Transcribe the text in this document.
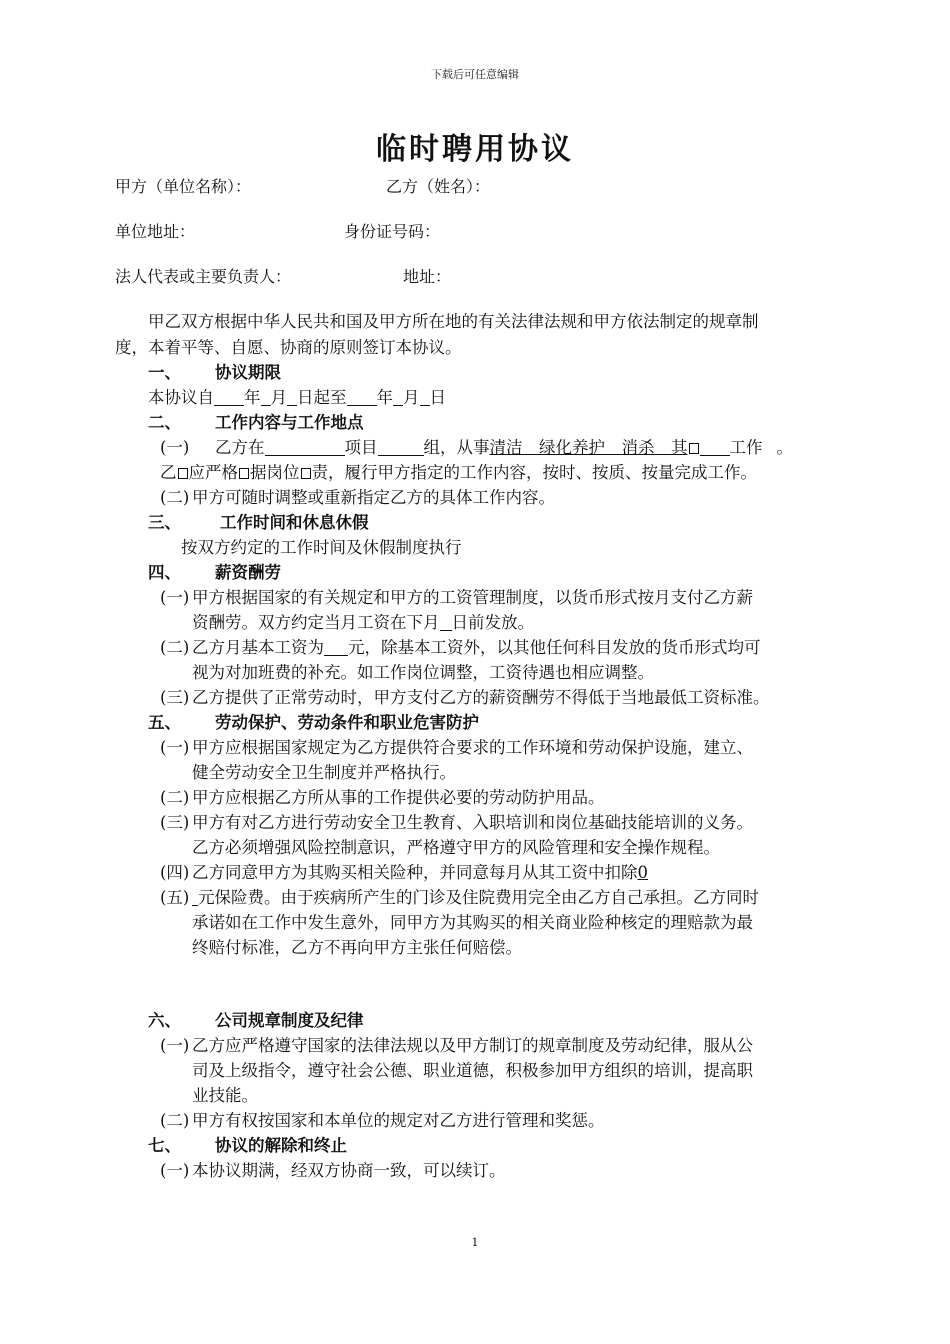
下载后可任意编辑
临时聘用协议
甲方（单位名称）：	乙方（姓名）：
单位地址：	身份证号码：
法人代表或主要负责人：	地址：
甲乙双方根据中华人民共和国及甲方所在地的有关法律法规和甲方依法制定的规章制
度，本着平等、自愿、协商的原则签订本协议。
一、 协议期限
本协议自 年 月 日起至 年 月 日
二、 工作内容与工作地点
(一) 乙方在	项目	组，从事清洁　绿化养护　消杀　其	工作 。
乙 应严格 据岗位 责，履行甲方指定的工作内容，按时、按质、按量完成工作。
(二) 甲方可随时调整或重新指定乙方的具体工作内容。
三、 工作时间和休息休假
按双方约定的工作时间及休假制度执行
四、 薪资酬劳
(一) 甲方根据国家的有关规定和甲方的工资管理制度，以货币形式按月支付乙方薪
资酬劳。双方约定当月工资在下月 日前发放。
(二) 乙方月基本工资为 元，除基本工资外，以其他任何科目发放的货币形式均可
视为对加班费的补充。如工作岗位调整，工资待遇也相应调整。
(三) 乙方提供了正常劳动时，甲方支付乙方的薪资酬劳不得低于当地最低工资标准。
五、 劳动保护、劳动条件和职业危害防护
(一) 甲方应根据国家规定为乙方提供符合要求的工作环境和劳动保护设施，建立、
健全劳动安全卫生制度并严格执行。
(二) 甲方应根据乙方所从事的工作提供必要的劳动防护用品。
(三) 甲方有对乙方进行劳动安全卫生教育、入职培训和岗位基础技能培训的义务。
乙方必须增强风险控制意识，严格遵守甲方的风险管理和安全操作规程。
(四) 乙方同意甲方为其购买相关险种，并同意每月从其工资中扣除0
(五) 元保险费。由于疾病所产生的门诊及住院费用完全由乙方自己承担。乙方同时
承诺如在工作中发生意外，同甲方为其购买的相关商业险种核定的理赔款为最
终赔付标准，乙方不再向甲方主张任何赔偿。
六、 公司规章制度及纪律
(一) 乙方应严格遵守国家的法律法规以及甲方制订的规章制度及劳动纪律，服从公
司及上级指令，遵守社会公德、职业道德，积极参加甲方组织的培训，提高职
业技能。
(二) 甲方有权按国家和本单位的规定对乙方进行管理和奖惩。
七、 协议的解除和终止
(一) 本协议期满，经双方协商一致，可以续订。
1
